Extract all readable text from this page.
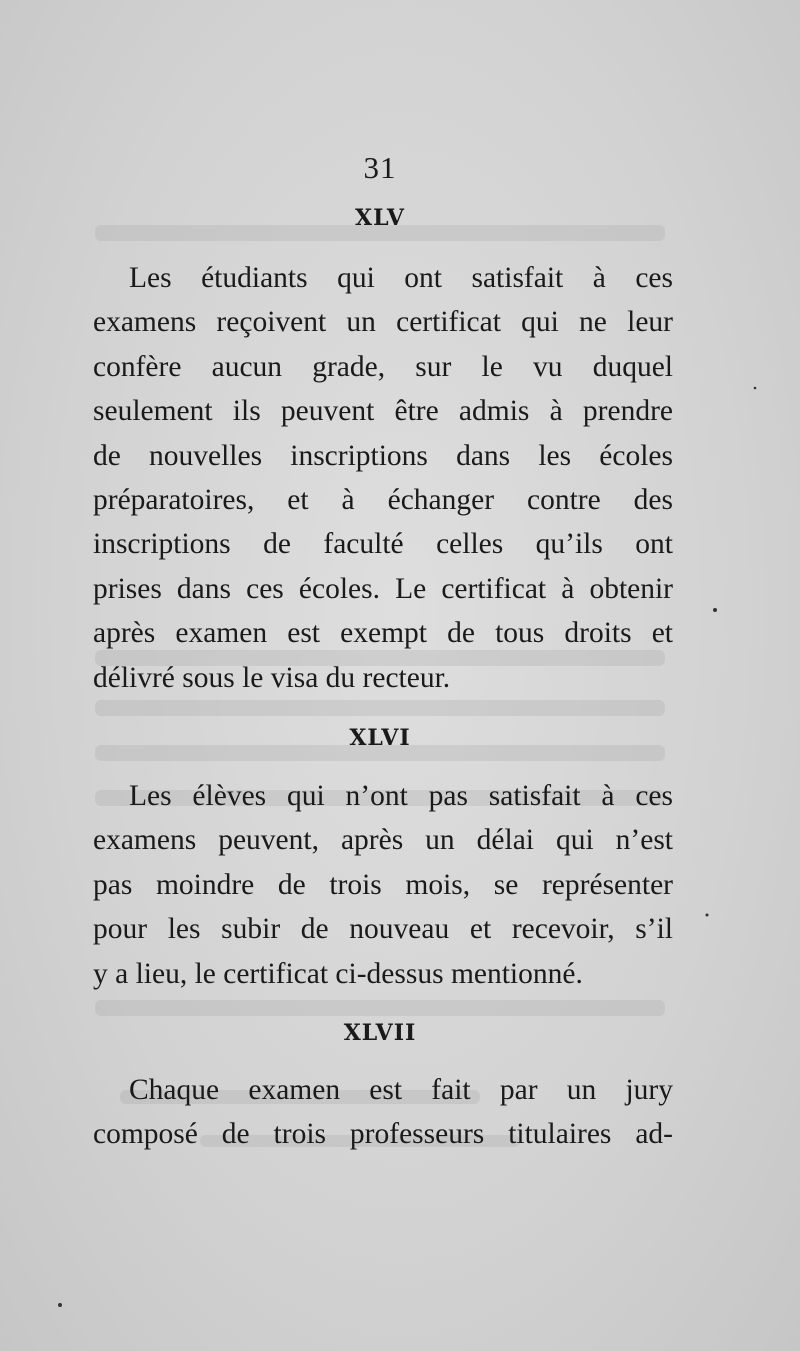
31
XLV
Les étudiants qui ont satisfait à ces
examens reçoivent un certificat qui ne leur
confère aucun grade, sur le vu duquel
seulement ils peuvent être admis à prendre
de nouvelles inscriptions dans les écoles
préparatoires, et à échanger contre des
inscriptions de faculté celles qu’ils ont
prises dans ces écoles. Le certificat à obtenir
après examen est exempt de tous droits et
délivré sous le visa du recteur.
XLVI
Les élèves qui n’ont pas satisfait à ces
examens peuvent, après un délai qui n’est
pas moindre de trois mois, se représenter
pour les subir de nouveau et recevoir, s’il
y a lieu, le certificat ci-dessus mentionné.
XLVII
Chaque examen est fait par un jury
composé de trois professeurs titulaires ad-
